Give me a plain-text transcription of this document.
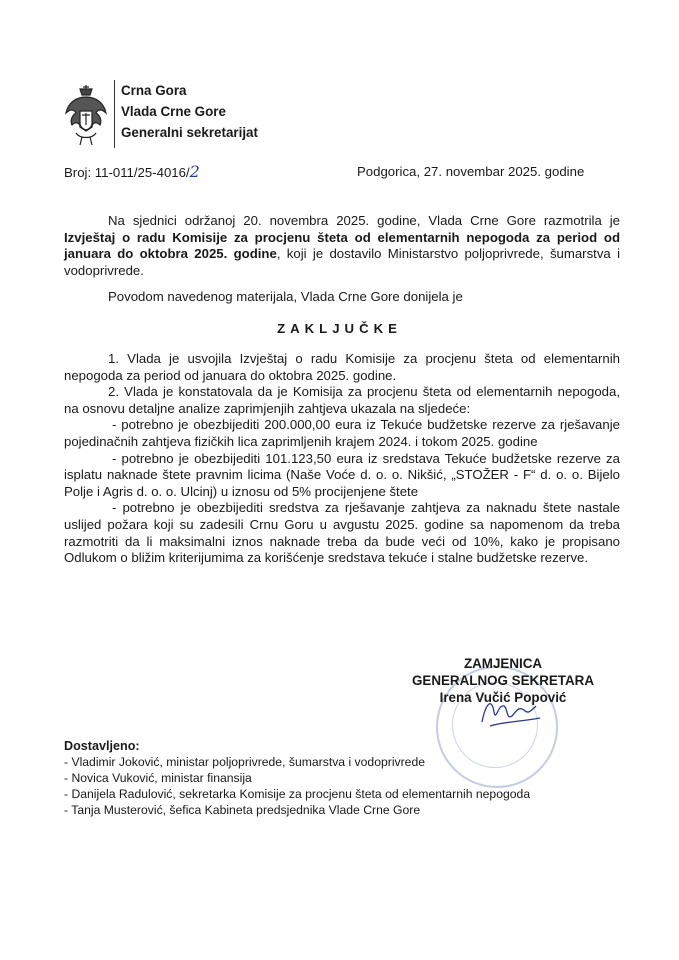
Crna Gora
Vlada Crne Gore
Generalni sekretarijat
Broj: 11-011/25-4016/2	Podgorica, 27. novembar 2025. godine

Na sjednici održanoj 20. novembra 2025. godine, Vlada Crne Gore razmotrila je Izvještaj o radu Komisije za procjenu šteta od elementarnih nepogoda za period od januara do oktobra 2025. godine, koji je dostavilo Ministarstvo poljoprivrede, šumarstva i vodoprivrede.

Povodom navedenog materijala, Vlada Crne Gore donijela je

ZAKLJUČKE

1. Vlada je usvojila Izvještaj o radu Komisije za procjenu šteta od elementarnih nepogoda za period od januara do oktobra 2025. godine.

2. Vlada je konstatovala da je Komisija za procjenu šteta od elementarnih nepogoda, na osnovu detaljne analize zaprimjenjih zahtjeva ukazala na sljedeće:

- potrebno je obezbijediti 200.000,00 eura iz Tekuće budžetske rezerve za rješavanje pojedinačnih zahtjeva fizičkih lica zaprimljenih krajem 2024. i tokom 2025. godine

- potrebno je obezbijediti 101.123,50 eura iz sredstava Tekuće budžetske rezerve za isplatu naknade štete pravnim licima (Naše Voće d. o. o. Nikšić, „STOŽER - F“ d. o. o. Bijelo Polje i Agris d. o. o. Ulcinj) u iznosu od 5% procijenjene štete

- potrebno je obezbijediti sredstva za rješavanje zahtjeva za naknadu štete nastale uslijed požara koji su zadesili Crnu Goru u avgustu 2025. godine sa napomenom da treba razmotriti da li maksimalni iznos naknade treba da bude veći od 10%, kako je propisano Odlukom o bližim kriterijumima za korišćenje sredstava tekuće i stalne budžetske rezerve.

ZAMJENICA
GENERALNOG SEKRETARA
Irena Vučić Popović

Dostavljeno:

- Vladimir Joković, ministar poljoprivrede, šumarstva i vodoprivrede
- Novica Vuković, ministar finansija
- Danijela Radulović, sekretarka Komisije za procjenu šteta od elementarnih nepogoda
- Tanja Musterović, šefica Kabineta predsjednika Vlade Crne Gore
